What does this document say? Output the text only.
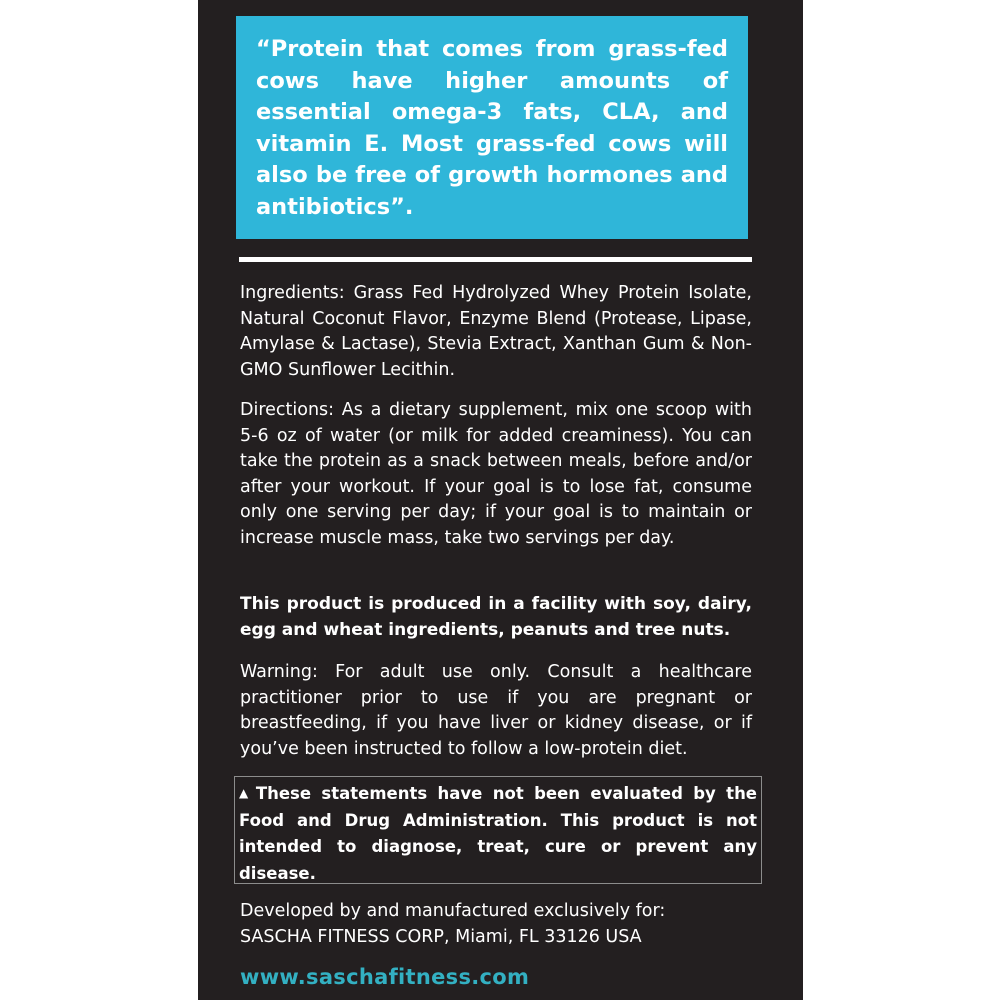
“Protein that comes from grass-fed cows have higher amounts of essential omega-3 fats, CLA, and vitamin E. Most grass-fed cows will also be free of growth hormones and antibiotics”.

Ingredients: Grass Fed Hydrolyzed Whey Protein Isolate, Natural Coconut Flavor, Enzyme Blend (Protease, Lipase, Amylase & Lactase), Stevia Extract, Xanthan Gum & Non-GMO Sunflower Lecithin.

Directions: As a dietary supplement, mix one scoop with 5-6 oz of water (or milk for added creaminess). You can take the protein as a snack between meals, before and/or after your workout. If your goal is to lose fat, consume only one serving per day; if your goal is to maintain or increase muscle mass, take two servings per day.

This product is produced in a facility with soy, dairy, egg and wheat ingredients, peanuts and tree nuts.

Warning: For adult use only. Consult a healthcare practitioner prior to use if you are pregnant or breastfeeding, if you have liver or kidney disease, or if you’ve been instructed to follow a low-protein diet.

▲ These statements have not been evaluated by the Food and Drug Administration. This product is not intended to diagnose, treat, cure or prevent any disease.

Developed by and manufactured exclusively for:
SASCHA FITNESS CORP, Miami, FL 33126 USA

www.saschafitness.com
